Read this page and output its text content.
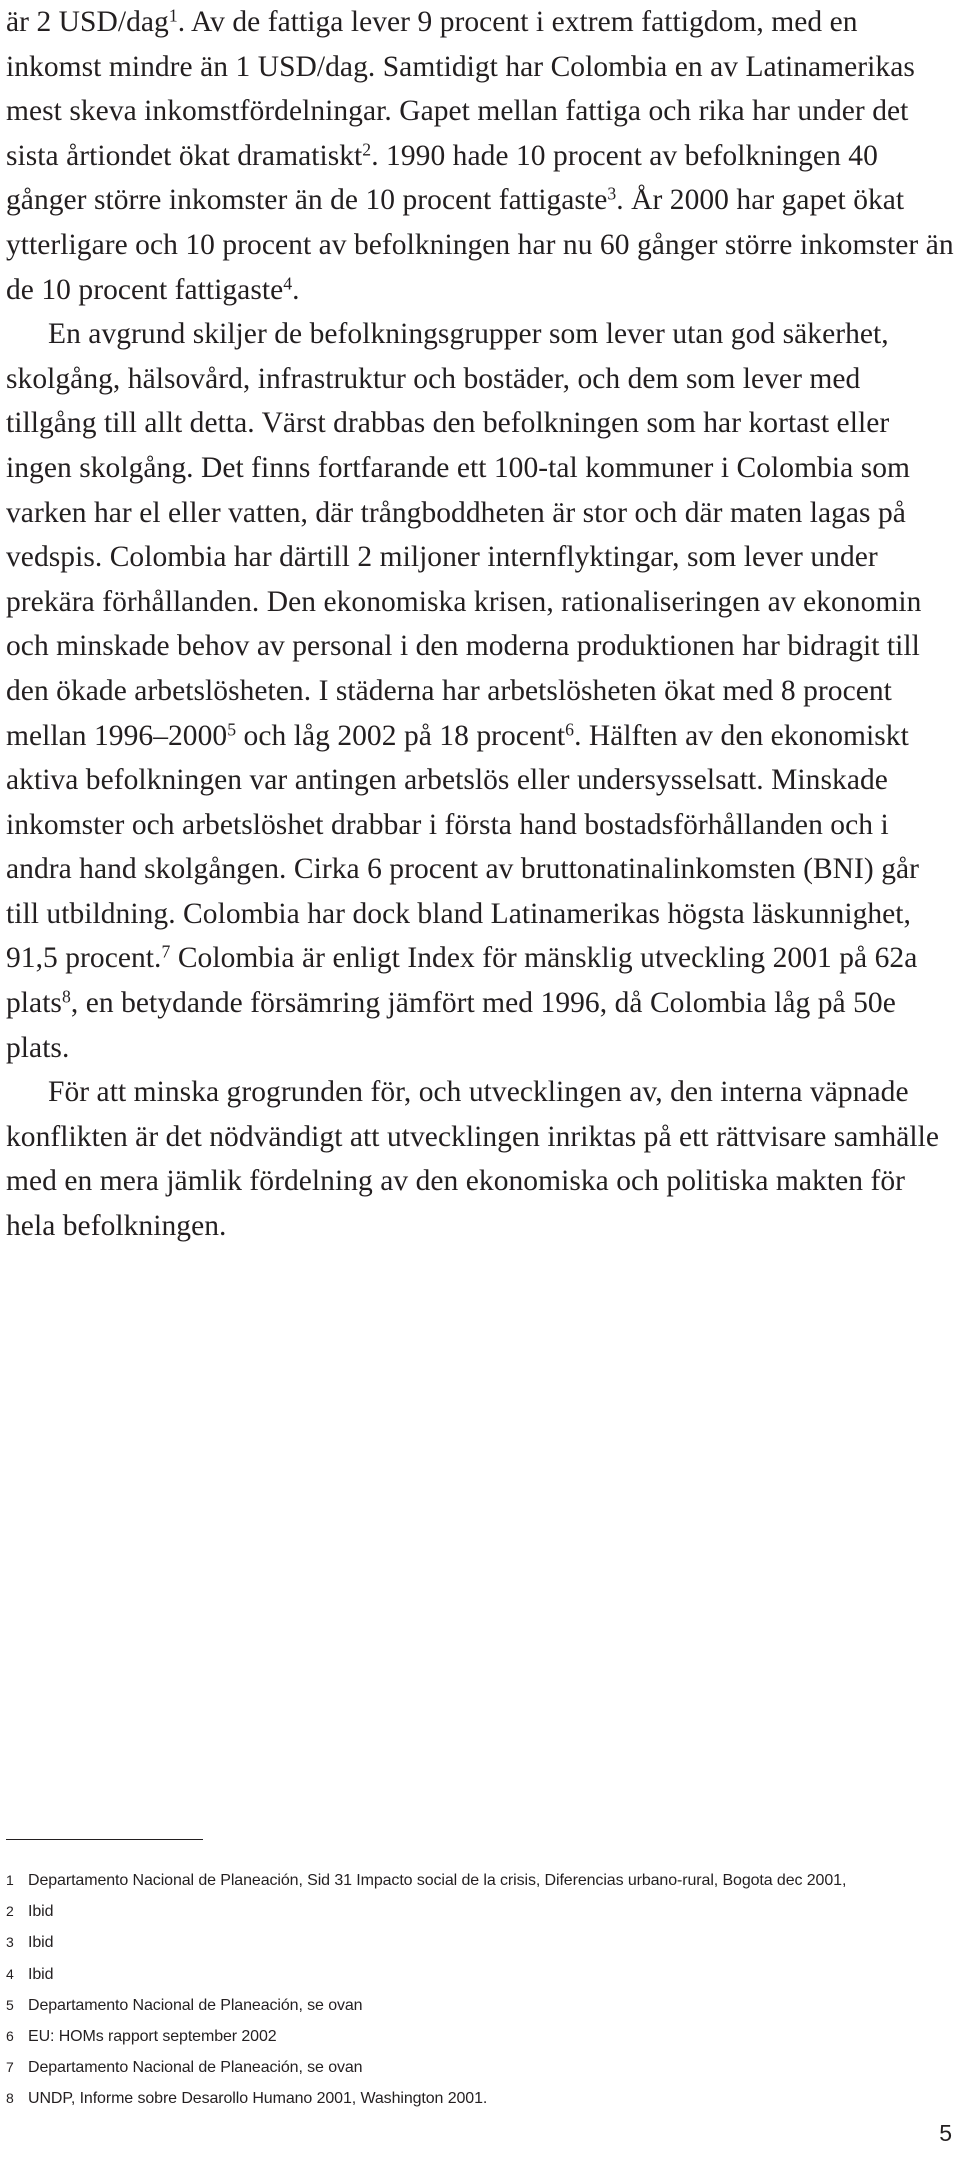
är 2 USD/dag$^1$. Av de fattiga lever 9 procent i extrem fattigdom, med en inkomst mindre än 1 USD/dag. Samtidigt har Colombia en av Latinamerikas mest skeva inkomstfördelningar. Gapet mellan fattiga och rika har under det sista årtiondet ökat dramatiskt$^2$. 1990 hade 10 procent av befolkningen 40 gånger större inkomster än de 10 procent fattigaste$^3$. År 2000 har gapet ökat ytterligare och 10 procent av befolkningen har nu 60 gånger större inkomster än de 10 procent fattigaste$^4$.

En avgrund skiljer de befolkningsgrupper som lever utan god säkerhet, skolgång, hälsovård, infrastruktur och bostäder, och dem som lever med tillgång till allt detta. Värst drabbas den befolkningen som har kortast eller ingen skolgång. Det finns fortfarande ett 100-tal kommuner i Colombia som varken har el eller vatten, där trångboddheten är stor och där maten lagas på vedspis. Colombia har därtill 2 miljoner internflyktingar, som lever under prekära förhållanden. Den ekonomiska krisen, rationaliseringen av ekonomin och minskade behov av personal i den moderna produktionen har bidragit till den ökade arbetslösheten. I städerna har arbetslösheten ökat med 8 procent mellan 1996–2000$^5$ och låg 2002 på 18 procent$^6$. Hälften av den ekonomiskt aktiva befolkningen var antingen arbetslös eller undersysselsatt. Minskade inkomster och arbetslöshet drabbar i första hand bostadsförhållanden och i andra hand skolgången. Cirka 6 procent av bruttonatinalinkomsten (BNI) går till utbildning. Colombia har dock bland Latinamerikas högsta läskunnighet, 91,5 procent.$^7$ Colombia är enligt Index för mänsklig utveckling 2001 på 62a plats$^8$, en betydande försämring jämfört med 1996, då Colombia låg på 50e plats.

För att minska grogrunden för, och utvecklingen av, den interna väpnade konflikten är det nödvändigt att utvecklingen inriktas på ett rättvisare samhälle med en mera jämlik fördelning av den ekonomiska och politiska makten för hela befolkningen.

1 Departamento Nacional de Planeación, Sid 31 Impacto social de la crisis, Diferencias urbano-rural, Bogota dec 2001,
2 Ibid
3 Ibid
4 Ibid
5 Departamento Nacional de Planeación, se ovan
6 EU: HOMs rapport september 2002
7 Departamento Nacional de Planeación, se ovan
8 UNDP, Informe sobre Desarollo Humano 2001, Washington 2001.
5
